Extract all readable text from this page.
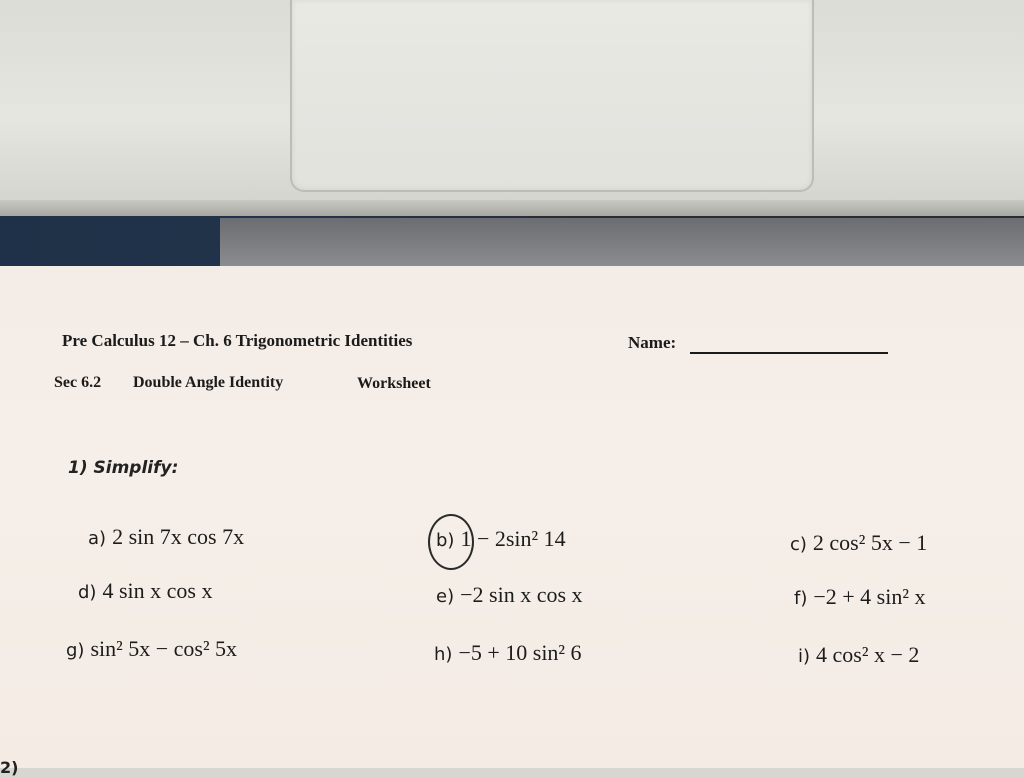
Pre Calculus 12 – Ch. 6 Trigonometric Identities	Name:
Sec 6.2 Double Angle Identity	Worksheet
1) Simplify:
a) 2 sin 7x cos 7x	b) 1 − 2sin² 14	c) 2 cos² 5x − 1
d) 4 sin x cos x	e) −2 sin x cos x	f) −2 + 4 sin² x
g) sin² 5x − cos² 5x	h) −5 + 10 sin² 6	i) 4 cos² x − 2
2)
